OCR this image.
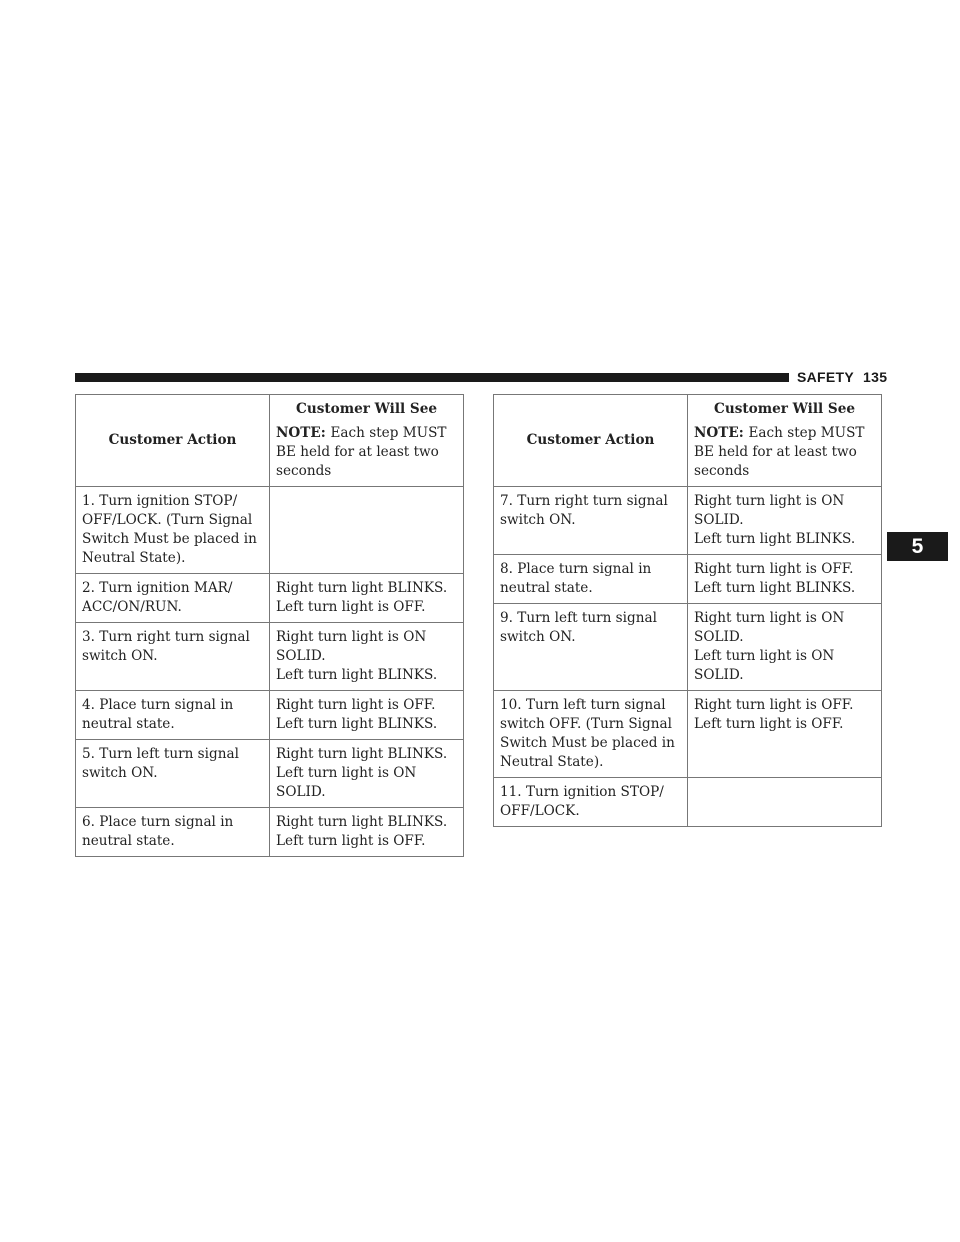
SAFETY 135
5
Customer Action	Customer Will See
NOTE: Each step MUST BE held for at least two seconds
1. Turn ignition STOP/ OFF/LOCK. (Turn Signal Switch Must be placed in Neutral State).	
2. Turn ignition MAR/ ACC/ON/RUN.	Right turn light BLINKS.
Left turn light is OFF.

3. Turn right turn signal switch ON.	Right turn light is ON SOLID.
Left turn light BLINKS.

4. Place turn signal in neutral state.	Right turn light is OFF.
Left turn light BLINKS.

5. Turn left turn signal switch ON.	Right turn light BLINKS.
Left turn light is ON SOLID.

6. Place turn signal in neutral state.	Right turn light BLINKS.
Left turn light is OFF.
Customer Action	Customer Will See
NOTE: Each step MUST BE held for at least two seconds
7. Turn right turn signal switch ON.	Right turn light is ON SOLID.
Left turn light BLINKS.

8. Place turn signal in neutral state.	Right turn light is OFF.
Left turn light BLINKS.

9. Turn left turn signal switch ON.	Right turn light is ON SOLID.
Left turn light is ON SOLID.

10. Turn left turn signal switch OFF. (Turn Signal Switch Must be placed in Neutral State).	Right turn light is OFF.
Left turn light is OFF.

11. Turn ignition STOP/ OFF/LOCK.	
